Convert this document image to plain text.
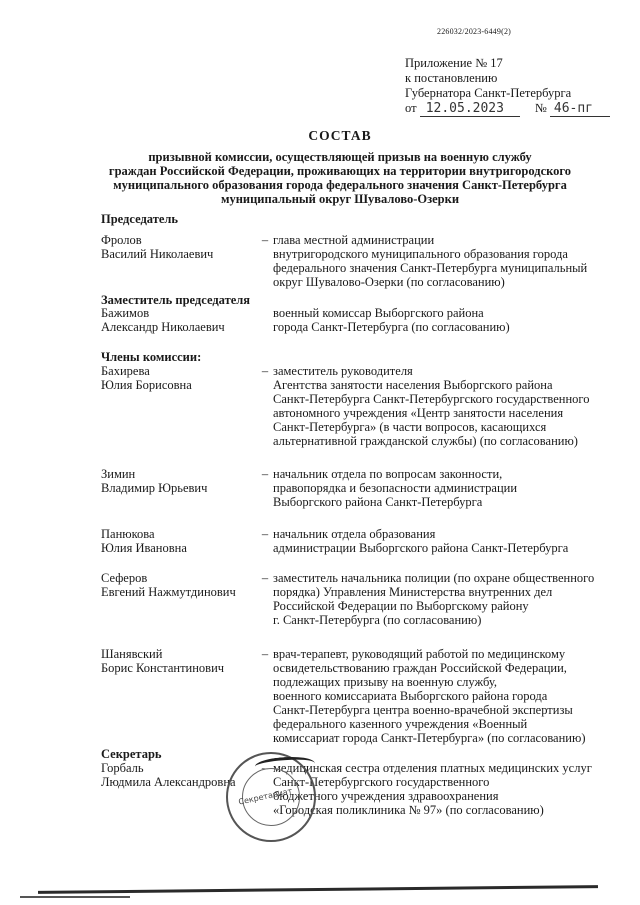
226032/2023-6449(2)
Приложение № 17
к постановлению
Губернатора Санкт-Петербурга
от 12.05.2023 № 46-пг
СОСТАВ
призывной комиссии, осуществляющей призыв на военную службу
граждан Российской Федерации, проживающих на территории внутригородского
муниципального образования города федерального значения Санкт-Петербурга
муниципальный округ Шувалово-Озерки
Председатель
Заместитель председателя
Члены комиссии:
Секретарь
Фролов
Василий Николаевич
– глава местной администрации
внутригородского муниципального образования города
федерального значения Санкт-Петербурга муниципальный
округ Шувалово-Озерки (по согласованию)
Бажимов
Александр Николаевич
военный комиссар Выборгского района
города Санкт-Петербурга (по согласованию)
Бахирева
Юлия Борисовна
– заместитель руководителя
Агентства занятости населения Выборгского района
Санкт-Петербурга Санкт-Петербургского государственного
автономного учреждения «Центр занятости населения
Санкт-Петербурга» (в части вопросов, касающихся
альтернативной гражданской службы) (по согласованию)
Зимин
Владимир Юрьевич
– начальник отдела по вопросам законности,
правопорядка и безопасности администрации
Выборгского района Санкт-Петербурга
Панюкова
Юлия Ивановна
– начальник отдела образования
администрации Выборгского района Санкт-Петербурга
Сеферов
Евгений Нажмутдинович
– заместитель начальника полиции (по охране общественного
порядка) Управления Министерства внутренних дел
Российской Федерации по Выборгскому району
г. Санкт-Петербурга (по согласованию)
Шанявский
Борис Константинович
– врач-терапевт, руководящий работой по медицинскому
освидетельствованию граждан Российской Федерации,
подлежащих призыву на военную службу,
военного комиссариата Выборгского района города
Санкт-Петербурга центра военно-врачебной экспертизы
федерального казенного учреждения «Военный
комиссариат города Санкт-Петербурга» (по согласованию)
Горбаль
Людмила Александровна
– медицинская сестра отделения платных медицинских услуг
Санкт-Петербургского государственного
бюджетного учреждения здравоохранения
«Городская поликлиника № 97» (по согласованию)
Секретариат
